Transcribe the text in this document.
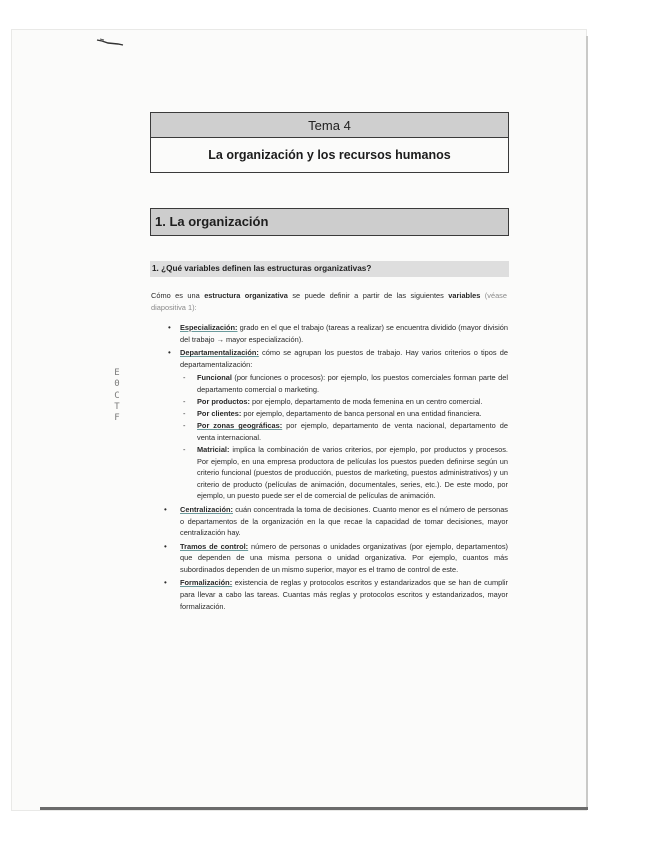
Tema 4
La organización y los recursos humanos
1. La organización
1. ¿Qué variables definen las estructuras organizativas?

Cómo es una estructura organizativa se puede definir a partir de las siguientes variables (véase diapositiva 1):

• Especialización: grado en el que el trabajo (tareas a realizar) se encuentra dividido (mayor división del trabajo → mayor especialización).
• Departamentalización: cómo se agrupan los puestos de trabajo. Hay varios criterios o tipos de departamentalización:
- Funcional (por funciones o procesos): por ejemplo, los puestos comerciales forman parte del departamento comercial o marketing.
- Por productos: por ejemplo, departamento de moda femenina en un centro comercial.
- Por clientes: por ejemplo, departamento de banca personal en una entidad financiera.
- Por zonas geográficas: por ejemplo, departamento de venta nacional, departamento de venta internacional.
- Matricial: implica la combinación de varios criterios, por ejemplo, por productos y procesos. Por ejemplo, en una empresa productora de películas los puestos pueden definirse según un criterio funcional (puestos de producción, puestos de marketing, puestos administrativos) y un criterio de producto (películas de animación, documentales, series, etc.). De este modo, por ejemplo, un puesto puede ser el de comercial de películas de animación.
• Centralización: cuán concentrada la toma de decisiones. Cuanto menor es el número de personas o departamentos de la organización en la que recae la capacidad de tomar decisiones, mayor centralización hay.
• Tramos de control: número de personas o unidades organizativas (por ejemplo, departamentos) que dependen de una misma persona o unidad organizativa. Por ejemplo, cuantos más subordinados dependen de un mismo superior, mayor es el tramo de control de este.
• Formalización: existencia de reglas y protocolos escritos y estandarizados que se han de cumplir para llevar a cabo las tareas. Cuantas más reglas y protocolos escritos y estandarizados, mayor formalización.
E
0
C
T
F
